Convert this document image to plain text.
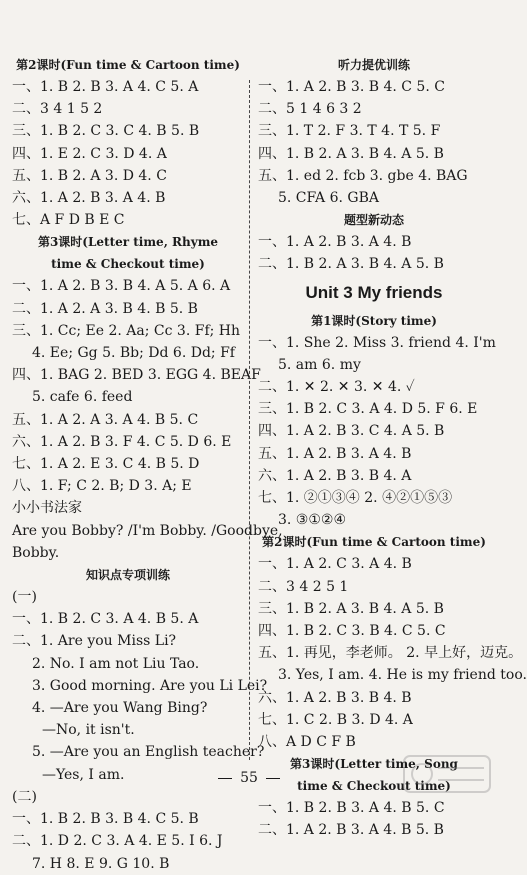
第2课时(Fun time & Cartoon time)
一、1. B 2. B 3. A 4. C 5. A
二、3 4 1 5 2
三、1. B 2. C 3. C 4. B 5. B
四、1. E 2. C 3. D 4. A
五、1. B 2. A 3. D 4. C
六、1. A 2. B 3. A 4. B
七、A F D B E C
第3课时(Letter time, Rhyme
time & Checkout time)
一、1. A 2. B 3. B 4. A 5. A 6. A
二、1. A 2. A 3. B 4. B 5. B
三、1. Cc; Ee 2. Aa; Cc 3. Ff; Hh
4. Ee; Gg 5. Bb; Dd 6. Dd; Ff
四、1. BAG 2. BED 3. EGG 4. BEAF
5. cafe 6. feed
五、1. A 2. A 3. A 4. B 5. C
六、1. A 2. B 3. F 4. C 5. D 6. E
七、1. A 2. E 3. C 4. B 5. D
八、1. F; C 2. B; D 3. A; E
小小书法家
Are you Bobby? /I'm Bobby. /Goodbye,
Bobby.
知识点专项训练
(一)
一、1. B 2. C 3. A 4. B 5. A
二、1. Are you Miss Li?
2. No. I am not Liu Tao.
3. Good morning. Are you Li Lei?
4. —Are you Wang Bing?
—No, it isn't.
5. —Are you an English teacher?
—Yes, I am.
(二)
一、1. B 2. B 3. B 4. C 5. B
二、1. D 2. C 3. A 4. E 5. I 6. J
7. H 8. E 9. G 10. B
听力提优训练
一、1. A 2. B 3. B 4. C 5. C
二、5 1 4 6 3 2
三、1. T 2. F 3. T 4. T 5. F
四、1. B 2. A 3. B 4. A 5. B
五、1. ed 2. fcb 3. gbe 4. BAG
5. CFA 6. GBA
题型新动态
一、1. A 2. B 3. A 4. B
二、1. B 2. A 3. B 4. A 5. B
Unit 3 My friends
第1课时(Story time)
一、1. She 2. Miss 3. friend 4. I'm
5. am 6. my
二、1. ✕ 2. ✕ 3. ✕ 4. ✓
三、1. B 2. C 3. A 4. D 5. F 6. E
四、1. A 2. B 3. C 4. A 5. B
五、1. A 2. B 3. A 4. B
六、1. A 2. B 3. B 4. A
七、1. ②①③④ 2. ④②①⑤③
3. ③①②④
第2课时(Fun time & Cartoon time)
一、1. A 2. C 3. A 4. B
二、3 4 2 5 1
三、1. B 2. A 3. B 4. A 5. B
四、1. B 2. C 3. B 4. C 5. C
五、1. 再见，李老师。 2. 早上好，迈克。
3. Yes, I am. 4. He is my friend too.
六、1. A 2. B 3. B 4. B
七、1. C 2. B 3. D 4. A
八、A D C F B
第3课时(Letter time, Song
time & Checkout time)
一、1. B 2. B 3. A 4. B 5. C
二、1. A 2. B 3. A 4. B 5. B
55
